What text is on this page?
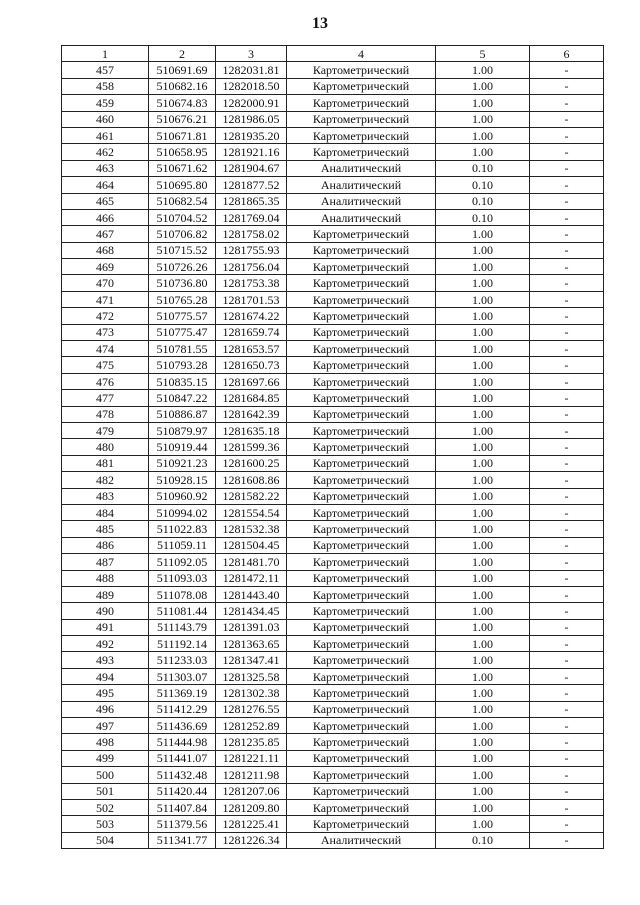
13
1	2	3	4	5	6
457	510691.69	1282031.81	Картометрический	1.00	-
458	510682.16	1282018.50	Картометрический	1.00	-
459	510674.83	1282000.91	Картометрический	1.00	-
460	510676.21	1281986.05	Картометрический	1.00	-
461	510671.81	1281935.20	Картометрический	1.00	-
462	510658.95	1281921.16	Картометрический	1.00	-
463	510671.62	1281904.67	Аналитический	0.10	-
464	510695.80	1281877.52	Аналитический	0.10	-
465	510682.54	1281865.35	Аналитический	0.10	-
466	510704.52	1281769.04	Аналитический	0.10	-
467	510706.82	1281758.02	Картометрический	1.00	-
468	510715.52	1281755.93	Картометрический	1.00	-
469	510726.26	1281756.04	Картометрический	1.00	-
470	510736.80	1281753.38	Картометрический	1.00	-
471	510765.28	1281701.53	Картометрический	1.00	-
472	510775.57	1281674.22	Картометрический	1.00	-
473	510775.47	1281659.74	Картометрический	1.00	-
474	510781.55	1281653.57	Картометрический	1.00	-
475	510793.28	1281650.73	Картометрический	1.00	-
476	510835.15	1281697.66	Картометрический	1.00	-
477	510847.22	1281684.85	Картометрический	1.00	-
478	510886.87	1281642.39	Картометрический	1.00	-
479	510879.97	1281635.18	Картометрический	1.00	-
480	510919.44	1281599.36	Картометрический	1.00	-
481	510921.23	1281600.25	Картометрический	1.00	-
482	510928.15	1281608.86	Картометрический	1.00	-
483	510960.92	1281582.22	Картометрический	1.00	-
484	510994.02	1281554.54	Картометрический	1.00	-
485	511022.83	1281532.38	Картометрический	1.00	-
486	511059.11	1281504.45	Картометрический	1.00	-
487	511092.05	1281481.70	Картометрический	1.00	-
488	511093.03	1281472.11	Картометрический	1.00	-
489	511078.08	1281443.40	Картометрический	1.00	-
490	511081.44	1281434.45	Картометрический	1.00	-
491	511143.79	1281391.03	Картометрический	1.00	-
492	511192.14	1281363.65	Картометрический	1.00	-
493	511233.03	1281347.41	Картометрический	1.00	-
494	511303.07	1281325.58	Картометрический	1.00	-
495	511369.19	1281302.38	Картометрический	1.00	-
496	511412.29	1281276.55	Картометрический	1.00	-
497	511436.69	1281252.89	Картометрический	1.00	-
498	511444.98	1281235.85	Картометрический	1.00	-
499	511441.07	1281221.11	Картометрический	1.00	-
500	511432.48	1281211.98	Картометрический	1.00	-
501	511420.44	1281207.06	Картометрический	1.00	-
502	511407.84	1281209.80	Картометрический	1.00	-
503	511379.56	1281225.41	Картометрический	1.00	-
504	511341.77	1281226.34	Аналитический	0.10	-
